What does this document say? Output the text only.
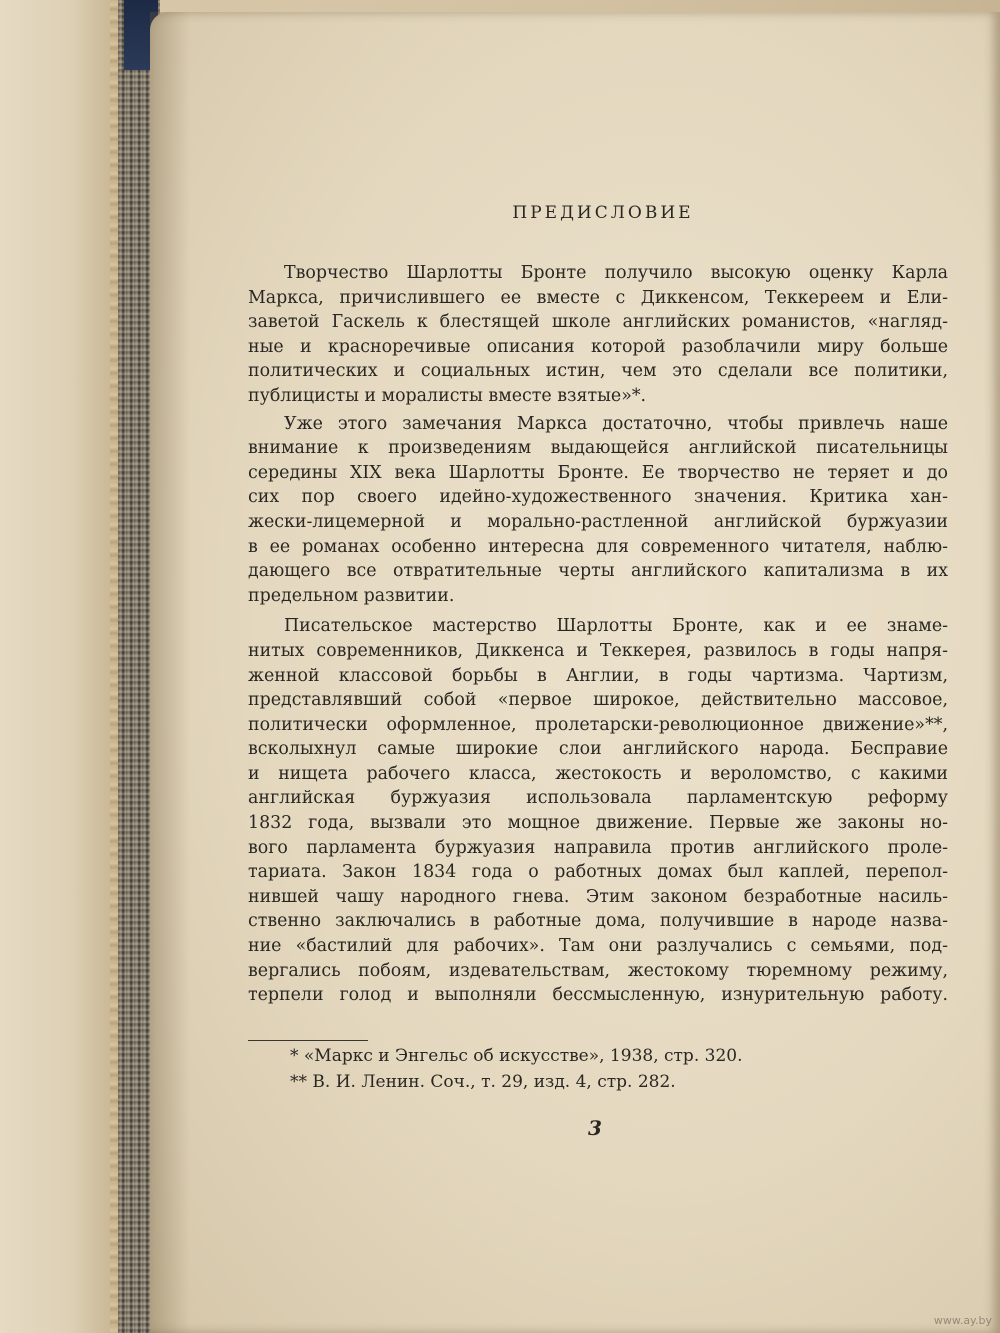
ПРЕДИСЛОВИЕ
Творчество Шарлотты Бронте получило высокую оценку Карла
Маркса, причислившего ее вместе с Диккенсом, Теккереем и Ели-
заветой Гаскель к блестящей школе английских романистов, «нагляд-
ные и красноречивые описания которой разоблачили миру больше
политических и социальных истин, чем это сделали все политики,
публицисты и моралисты вместе взятые»*.
Уже этого замечания Маркса достаточно, чтобы привлечь наше
внимание к произведениям выдающейся английской писательницы
середины XIX века Шарлотты Бронте. Ее творчество не теряет и до
сих пор своего идейно-художественного значения. Критика хан-
жески-лицемерной и морально-растленной английской буржуазии
в ее романах особенно интересна для современного читателя, наблю-
дающего все отвратительные черты английского капитализма в их
предельном развитии.
Писательское мастерство Шарлотты Бронте, как и ее знаме-
нитых современников, Диккенса и Теккерея, развилось в годы напря-
женной классовой борьбы в Англии, в годы чартизма. Чартизм,
представлявший собой «первое широкое, действительно массовое,
политически оформленное, пролетарски-революционное движение»**,
всколыхнул самые широкие слои английского народа. Бесправие
и нищета рабочего класса, жестокость и вероломство, с какими
английская буржуазия использовала парламентскую реформу
1832 года, вызвали это мощное движение. Первые же законы но-
вого парламента буржуазия направила против английского проле-
тариата. Закон 1834 года о работных домах был каплей, перепол-
нившей чашу народного гнева. Этим законом безработные насиль-
ственно заключались в работные дома, получившие в народе назва-
ние «бастилий для рабочих». Там они разлучались с семьями, под-
вергались побоям, издевательствам, жестокому тюремному режиму,
терпели голод и выполняли бессмысленную, изнурительную работу.
* «Маркс и Энгельс об искусстве», 1938, стр. 320.
** В. И. Ленин. Соч., т. 29, изд. 4, стр. 282.
3
www.ay.by
